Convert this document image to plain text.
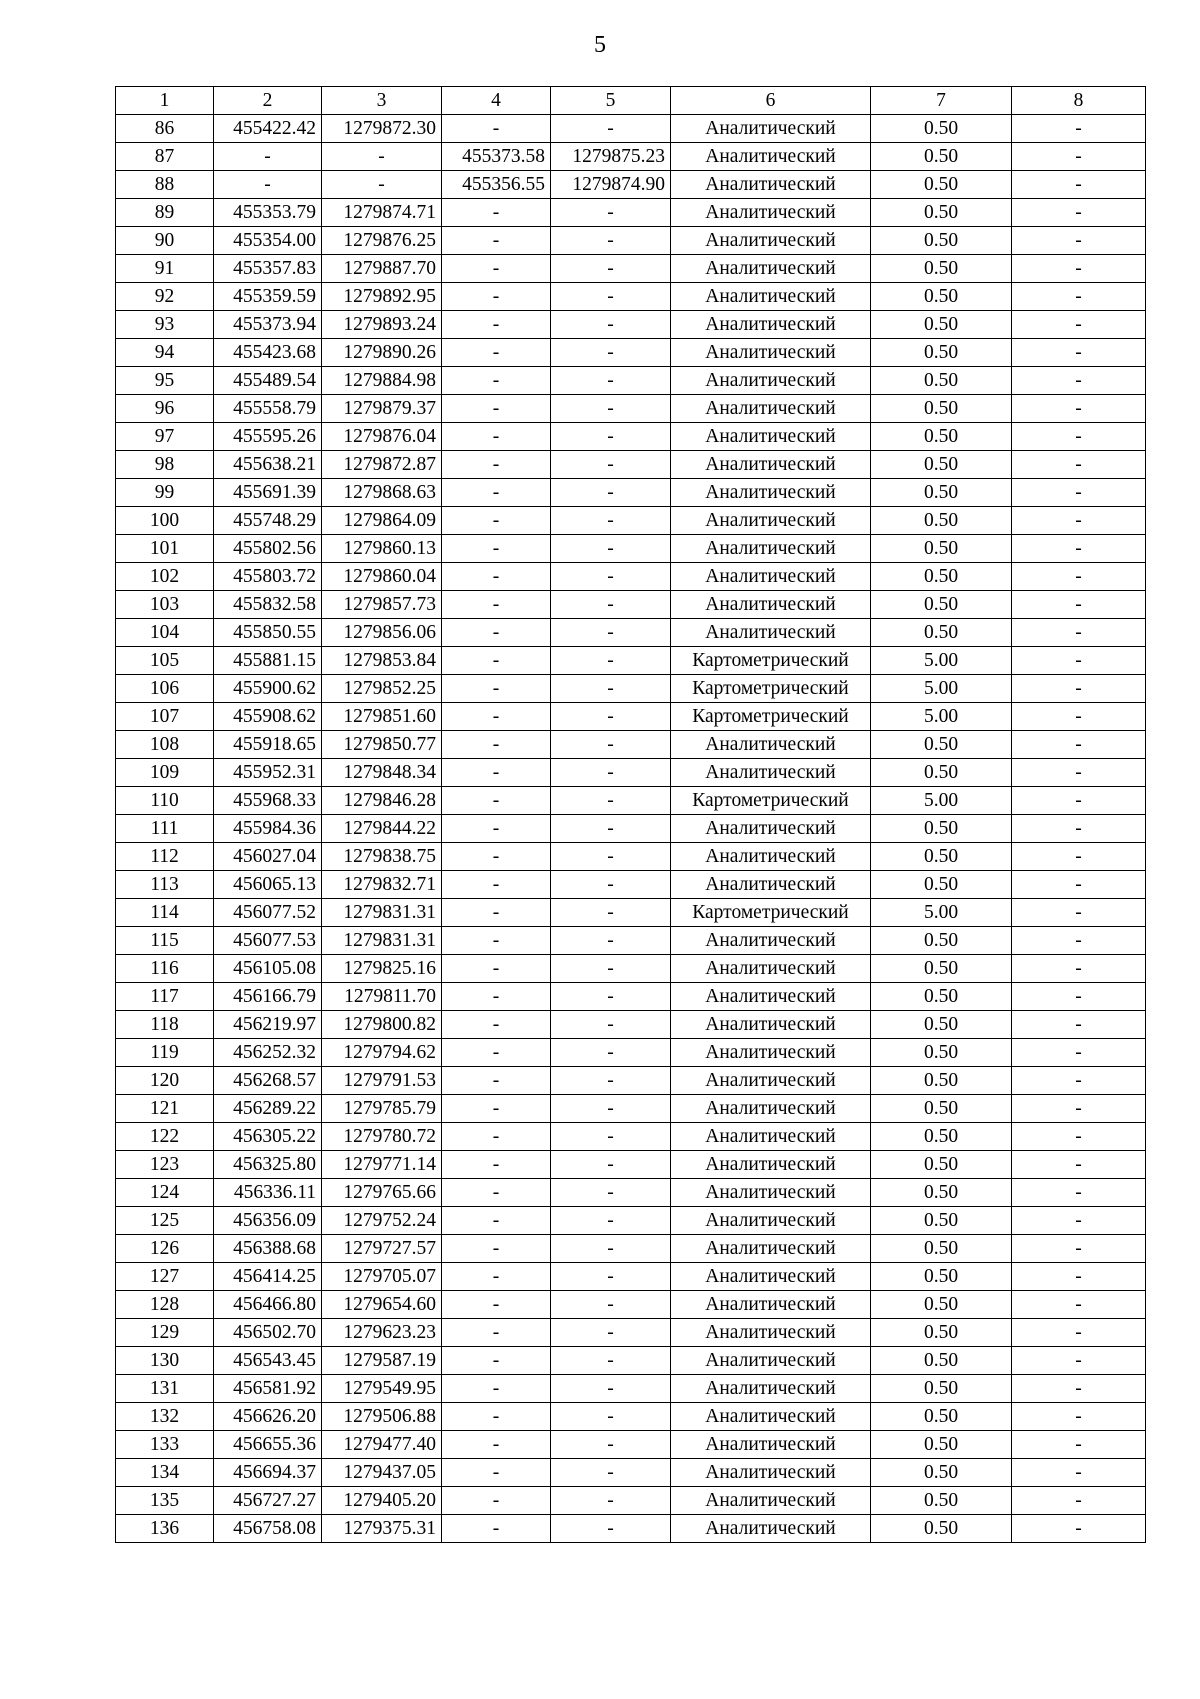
5
1	2	3	4	5	6	7	8
86	455422.42	1279872.30	-	-	Аналитический	0.50	-
87	-	-	455373.58	1279875.23	Аналитический	0.50	-
88	-	-	455356.55	1279874.90	Аналитический	0.50	-
89	455353.79	1279874.71	-	-	Аналитический	0.50	-
90	455354.00	1279876.25	-	-	Аналитический	0.50	-
91	455357.83	1279887.70	-	-	Аналитический	0.50	-
92	455359.59	1279892.95	-	-	Аналитический	0.50	-
93	455373.94	1279893.24	-	-	Аналитический	0.50	-
94	455423.68	1279890.26	-	-	Аналитический	0.50	-
95	455489.54	1279884.98	-	-	Аналитический	0.50	-
96	455558.79	1279879.37	-	-	Аналитический	0.50	-
97	455595.26	1279876.04	-	-	Аналитический	0.50	-
98	455638.21	1279872.87	-	-	Аналитический	0.50	-
99	455691.39	1279868.63	-	-	Аналитический	0.50	-
100	455748.29	1279864.09	-	-	Аналитический	0.50	-
101	455802.56	1279860.13	-	-	Аналитический	0.50	-
102	455803.72	1279860.04	-	-	Аналитический	0.50	-
103	455832.58	1279857.73	-	-	Аналитический	0.50	-
104	455850.55	1279856.06	-	-	Аналитический	0.50	-
105	455881.15	1279853.84	-	-	Картометрический	5.00	-
106	455900.62	1279852.25	-	-	Картометрический	5.00	-
107	455908.62	1279851.60	-	-	Картометрический	5.00	-
108	455918.65	1279850.77	-	-	Аналитический	0.50	-
109	455952.31	1279848.34	-	-	Аналитический	0.50	-
110	455968.33	1279846.28	-	-	Картометрический	5.00	-
111	455984.36	1279844.22	-	-	Аналитический	0.50	-
112	456027.04	1279838.75	-	-	Аналитический	0.50	-
113	456065.13	1279832.71	-	-	Аналитический	0.50	-
114	456077.52	1279831.31	-	-	Картометрический	5.00	-
115	456077.53	1279831.31	-	-	Аналитический	0.50	-
116	456105.08	1279825.16	-	-	Аналитический	0.50	-
117	456166.79	1279811.70	-	-	Аналитический	0.50	-
118	456219.97	1279800.82	-	-	Аналитический	0.50	-
119	456252.32	1279794.62	-	-	Аналитический	0.50	-
120	456268.57	1279791.53	-	-	Аналитический	0.50	-
121	456289.22	1279785.79	-	-	Аналитический	0.50	-
122	456305.22	1279780.72	-	-	Аналитический	0.50	-
123	456325.80	1279771.14	-	-	Аналитический	0.50	-
124	456336.11	1279765.66	-	-	Аналитический	0.50	-
125	456356.09	1279752.24	-	-	Аналитический	0.50	-
126	456388.68	1279727.57	-	-	Аналитический	0.50	-
127	456414.25	1279705.07	-	-	Аналитический	0.50	-
128	456466.80	1279654.60	-	-	Аналитический	0.50	-
129	456502.70	1279623.23	-	-	Аналитический	0.50	-
130	456543.45	1279587.19	-	-	Аналитический	0.50	-
131	456581.92	1279549.95	-	-	Аналитический	0.50	-
132	456626.20	1279506.88	-	-	Аналитический	0.50	-
133	456655.36	1279477.40	-	-	Аналитический	0.50	-
134	456694.37	1279437.05	-	-	Аналитический	0.50	-
135	456727.27	1279405.20	-	-	Аналитический	0.50	-
136	456758.08	1279375.31	-	-	Аналитический	0.50	-
